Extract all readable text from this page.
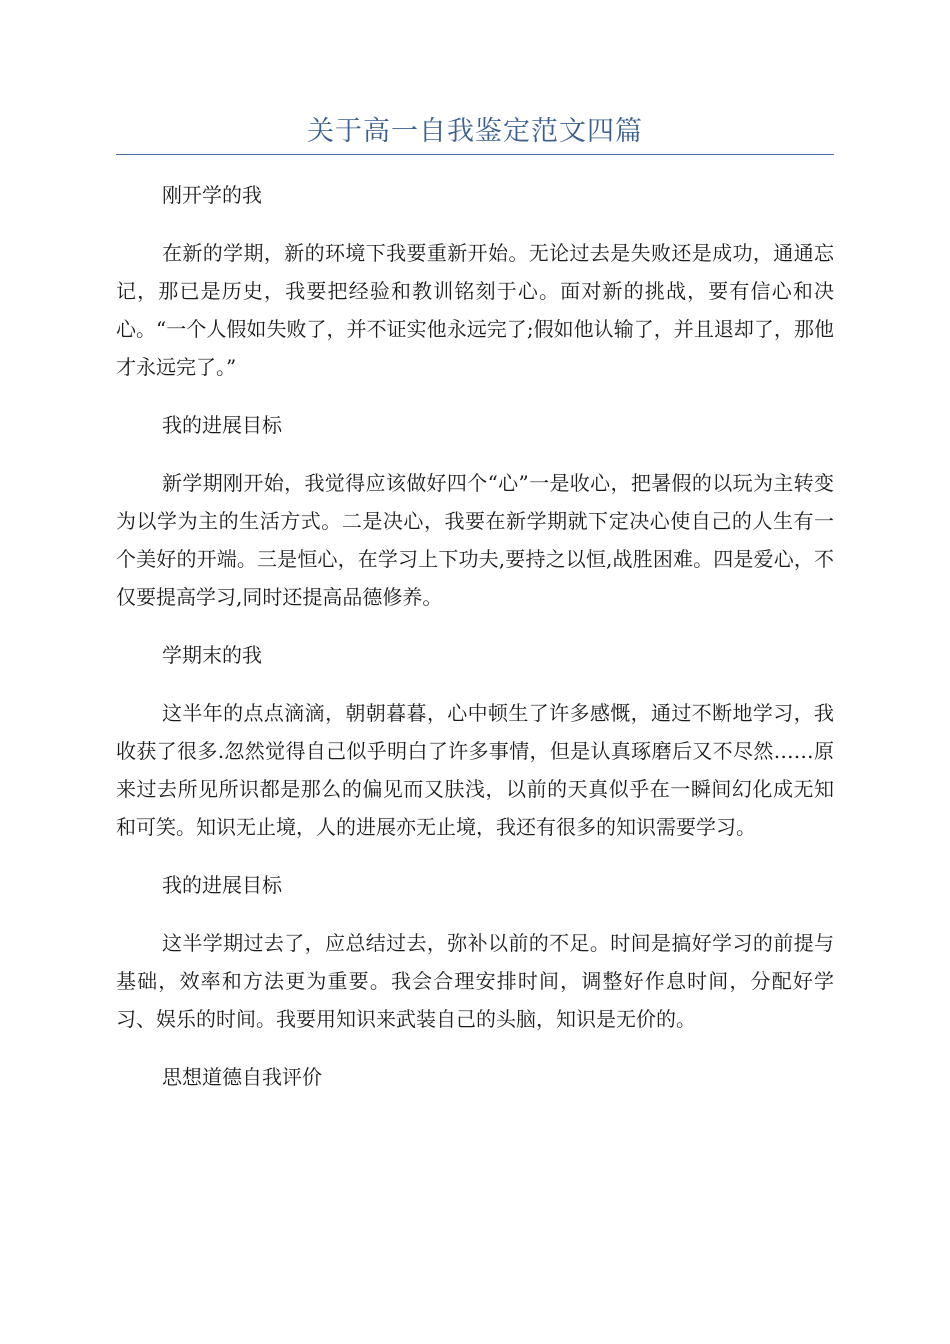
关于高一自我鉴定范文四篇

刚开学的我

在新的学期，新的环境下我要重新开始。无论过去是失败还是成功，通通忘记，那已是历史，我要把经验和教训铭刻于心。面对新的挑战，要有信心和决心。“一个人假如失败了，并不证实他永远完了;假如他认输了，并且退却了，那他才永远完了。”

我的进展目标

新学期刚开始，我觉得应该做好四个“心”一是收心，把暑假的以玩为主转变为以学为主的生活方式。二是决心，我要在新学期就下定决心使自己的人生有一个美好的开端。三是恒心，在学习上下功夫,要持之以恒,战胜困难。四是爱心，不仅要提高学习,同时还提高品德修养。

学期末的我

这半年的点点滴滴，朝朝暮暮，心中顿生了许多感慨，通过不断地学习，我收获了很多.忽然觉得自己似乎明白了许多事情，但是认真琢磨后又不尽然……原来过去所见所识都是那么的偏见而又肤浅，以前的天真似乎在一瞬间幻化成无知和可笑。知识无止境，人的进展亦无止境，我还有很多的知识需要学习。

我的进展目标

这半学期过去了，应总结过去，弥补以前的不足。时间是搞好学习的前提与基础，效率和方法更为重要。我会合理安排时间，调整好作息时间，分配好学习、娱乐的时间。我要用知识来武装自己的头脑，知识是无价的。

思想道德自我评价
